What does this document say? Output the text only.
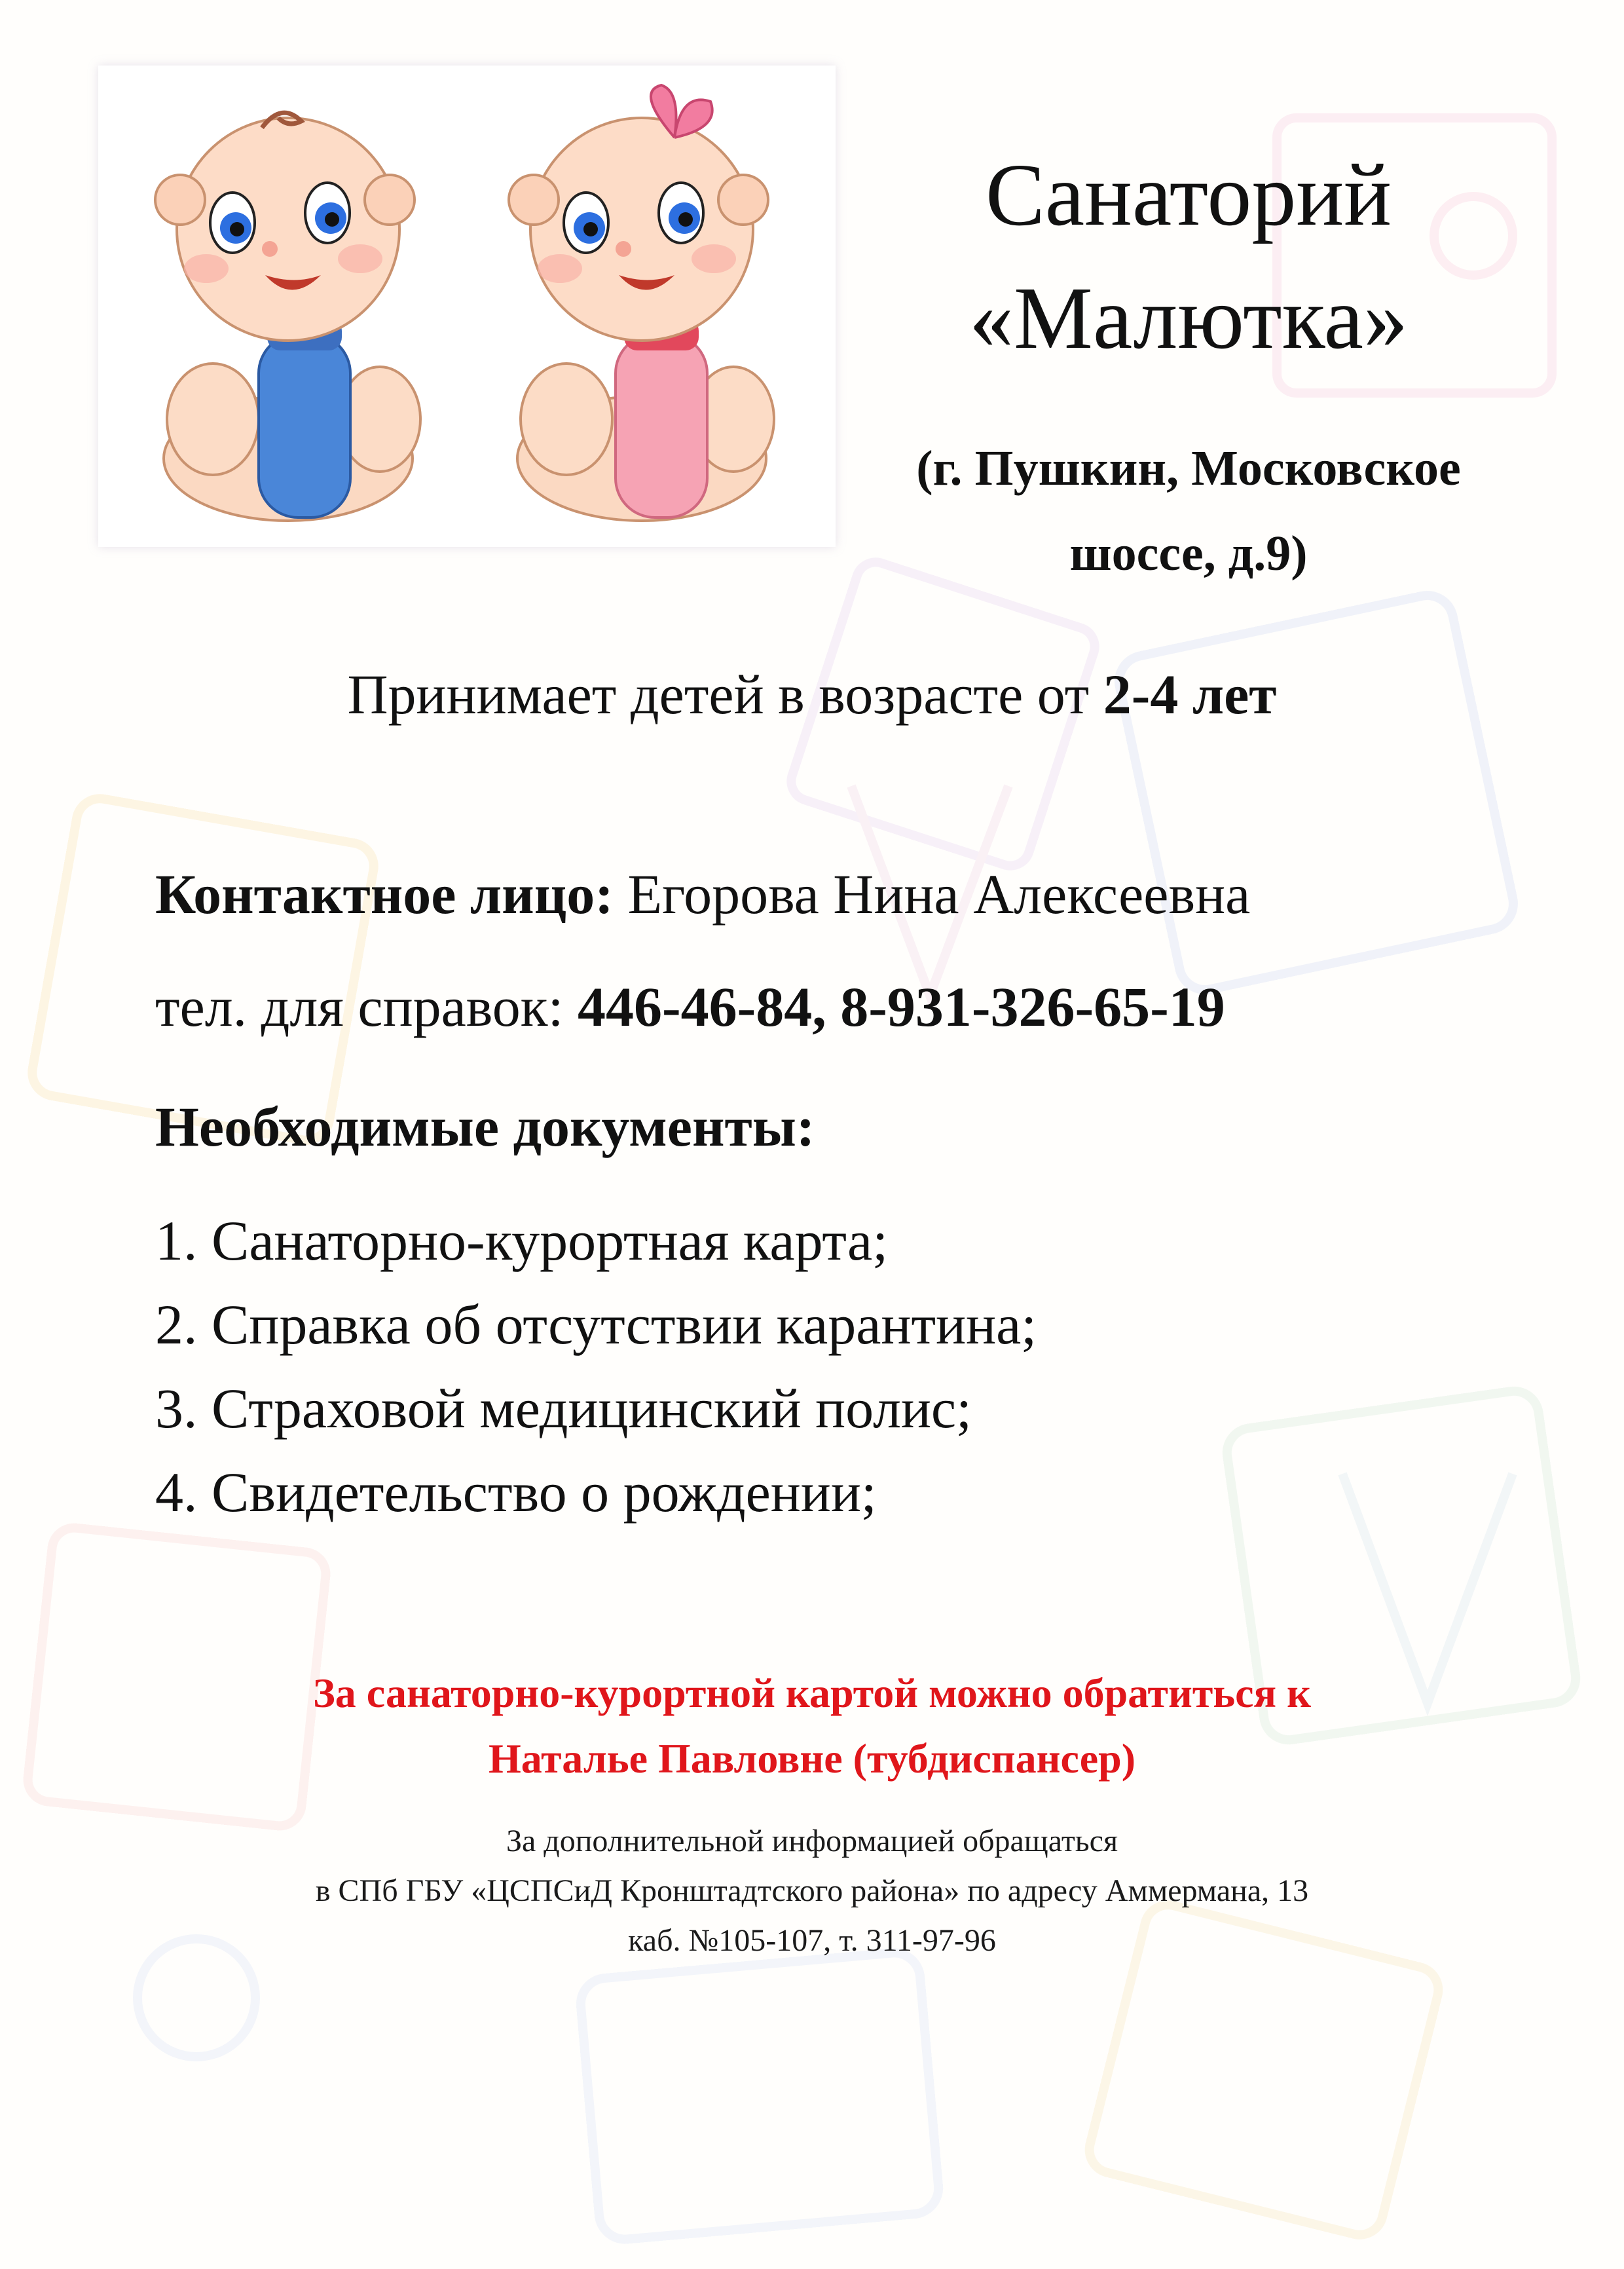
Санаторий
«Малютка»
(г. Пушкин, Московское
шоссе, д.9)
Принимает детей в возрасте от 2-4 лет
Контактное лицо: Егорова Нина Алексеевна
тел. для справок: 446-46-84, 8-931-326-65-19
Необходимые документы:
1. Санаторно-курортная карта;
2. Справка об отсутствии карантина;
3. Страховой медицинский полис;
4. Свидетельство о рождении;
За санаторно-курортной картой можно обратиться к
Наталье Павловне (тубдиспансер)
За дополнительной информацией обращаться
в СПб ГБУ «ЦСПСиД Кронштадтского района» по адресу Аммермана, 13
каб. №105-107, т. 311-97-96
